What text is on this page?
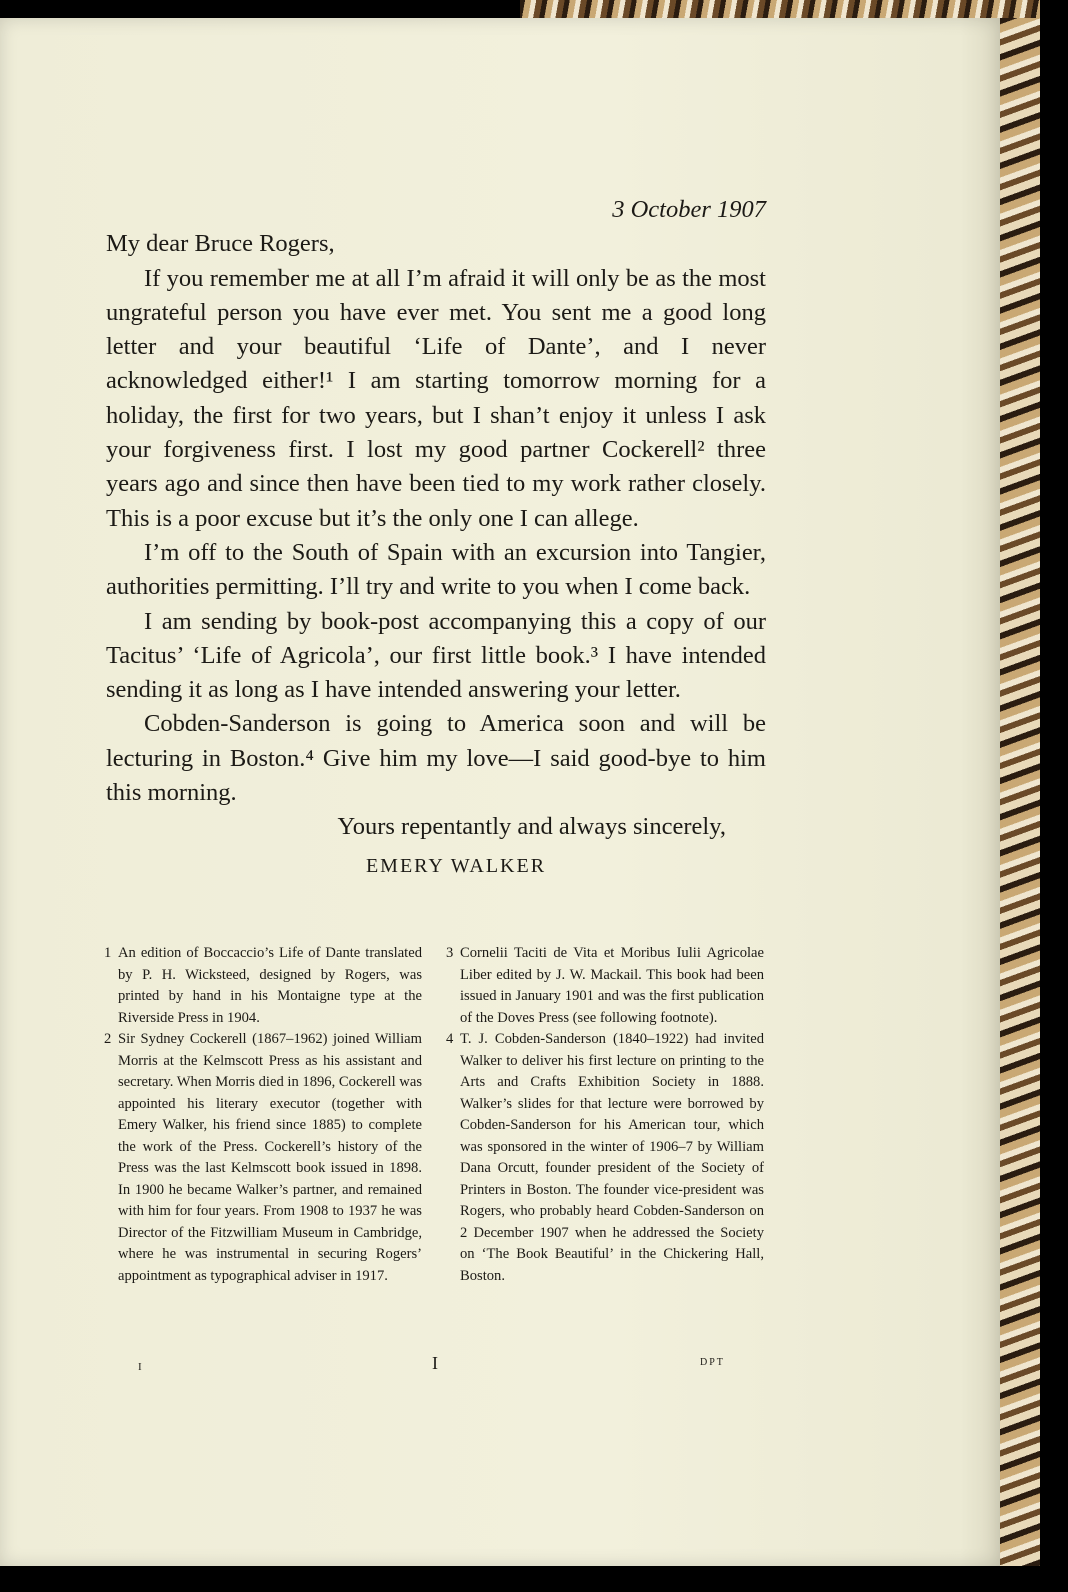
3 October 1907
My dear Bruce Rogers,

If you remember me at all I’m afraid it will only be as the most ungrateful person you have ever met. You sent me a good long letter and your beautiful ‘Life of Dante’, and I never acknowledged either!¹ I am starting tomorrow morning for a holiday, the first for two years, but I shan’t enjoy it unless I ask your forgiveness first. I lost my good partner Cockerell² three years ago and since then have been tied to my work rather closely. This is a poor excuse but it’s the only one I can allege.

I’m off to the South of Spain with an excursion into Tangier, authorities permitting. I’ll try and write to you when I come back.

I am sending by book-post accompanying this a copy of our Tacitus’ ‘Life of Agricola’, our first little book.³ I have intended sending it as long as I have intended answering your letter.

Cobden-Sanderson is going to America soon and will be lecturing in Boston.⁴ Give him my love—I said good-bye to him this morning.

Yours repentantly and always sincerely,
EMERY WALKER
1 An edition of Boccaccio’s Life of Dante translated by P. H. Wicksteed, designed by Rogers, was printed by hand in his Montaigne type at the Riverside Press in 1904.
2 Sir Sydney Cockerell (1867–1962) joined William Morris at the Kelmscott Press as his assistant and secretary. When Morris died in 1896, Cockerell was appointed his literary executor (together with Emery Walker, his friend since 1885) to complete the work of the Press. Cockerell’s history of the Press was the last Kelmscott book issued in 1898. In 1900 he became Walker’s partner, and remained with him for four years. From 1908 to 1937 he was Director of the Fitzwilliam Museum in Cambridge, where he was instrumental in securing Rogers’ appointment as typographical adviser in 1917.
3 Cornelii Taciti de Vita et Moribus Iulii Agricolae Liber edited by J. W. Mackail. This book had been issued in January 1901 and was the first publication of the Doves Press (see following footnote).
4 T. J. Cobden-Sanderson (1840–1922) had invited Walker to deliver his first lecture on printing to the Arts and Crafts Exhibition Society in 1888. Walker’s slides for that lecture were borrowed by Cobden-Sanderson for his American tour, which was sponsored in the winter of 1906–7 by William Dana Orcutt, founder president of the Society of Printers in Boston. The founder vice-president was Rogers, who probably heard Cobden-Sanderson on 2 December 1907 when he addressed the Society on ‘The Book Beautiful’ in the Chickering Hall, Boston.
I	I	DPT
